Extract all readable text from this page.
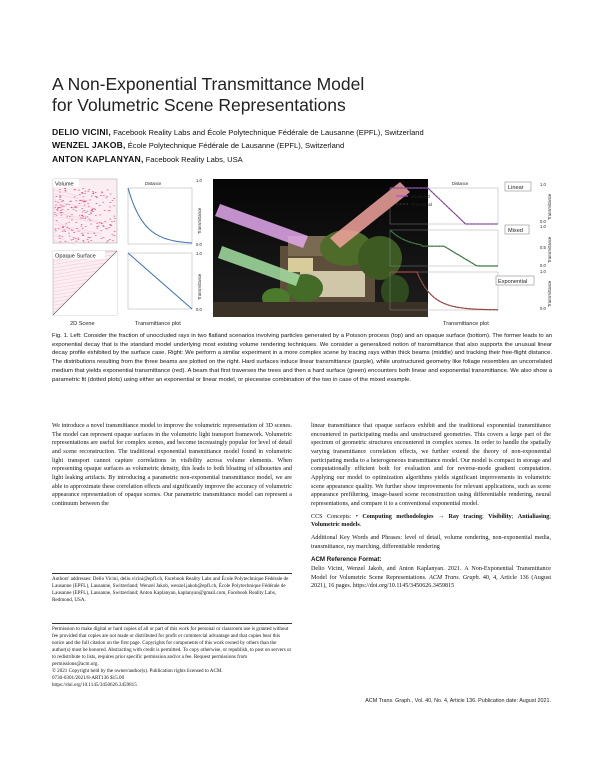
A Non-Exponential Transmittance Model
for Volumetric Scene Representations
DELIO VICINI, Facebook Reality Labs and École Polytechnique Fédérale de Lausanne (EPFL), Switzerland
WENZEL JAKOB, École Polytechnique Fédérale de Lausanne (EPFL), Switzerland
ANTON KAPLANYAN, Facebook Reality Labs, USA
Volume
Opaque Surface
2D Scene
Distance
1.0
0.0
Transmittance
1.0
0.0
Transmittance
Transmittance plot
Distance
Measured
Theoretical
Linear
1.0
0.0
Transmittance
Mixed
1.0
0.5
0.0
Transmittance
Exponential
1.0
0.0
Transmittance
Transmittance plot
Fig. 1. Left: Consider the fraction of unoccluded rays in two flatland scenarios involving particles generated by a Poisson process (top) and an opaque surface (bottom). The former leads to an exponential decay that is the standard model underlying most existing volume rendering techniques. We consider a generalized notion of transmittance that also supports the unusual linear decay profile exhibited by the surface case. Right: We perform a similar experiment in a more complex scene by tracing rays within thick beams (middle) and tracking their free-flight distance. The distributions resulting from the three beams are plotted on the right. Hard surfaces induce linear transmittance (purple), while unstructured geometry like foliage resembles an uncorrelated medium that yields exponential transmittance (red). A beam that first traverses the trees and then a hard surface (green) encounters both linear and exponential transmittance. We also show a parametric fit (dotted plots) using either an exponential or linear model, or piecewise combination of the two in case of the mixed example.

We introduce a novel transmittance model to improve the volumetric representation of 3D scenes. The model can represent opaque surfaces in the volumetric light transport framework. Volumetric representations are useful for complex scenes, and become increasingly popular for level of detail and scene reconstruction. The traditional exponential transmittance model found in volumetric light transport cannot capture correlations in visibility across volume elements. When representing opaque surfaces as volumetric density, this leads to both bloating of silhouettes and light leaking artifacts. By introducing a parametric non-exponential transmittance model, we are able to approximate these correlation effects and significantly improve the accuracy of volumetric appearance representation of opaque scenes. Our parametric transmittance model can represent a continuum between the

Authors' addresses: Delio Vicini, delio.vicini@epfl.ch, Facebook Reality Labs and École Polytechnique Fédérale de Lausanne (EPFL), Lausanne, Switzerland; Wenzel Jakob, wenzel.jakob@epfl.ch, École Polytechnique Fédérale de Lausanne (EPFL), Lausanne, Switzerland; Anton Kaplanyan, kaplanyan@gmail.com, Facebook Reality Labs, Redmond, USA.
Permission to make digital or hard copies of all or part of this work for personal or classroom use is granted without fee provided that copies are not made or distributed for profit or commercial advantage and that copies bear this notice and the full citation on the first page. Copyrights for components of this work owned by others than the author(s) must be honored. Abstracting with credit is permitted. To copy otherwise, or republish, to post on servers or to redistribute to lists, requires prior specific permission and/or a fee. Request permissions from permissions@acm.org.
© 2021 Copyright held by the owner/author(s). Publication rights licensed to ACM.
0730-0301/2021/8-ART136 $15.00
https://doi.org/10.1145/3450626.3459815
linear transmittance that opaque surfaces exhibit and the traditional exponential transmittance encountered in participating media and unstructured geometries. This covers a large part of the spectrum of geometric structures encountered in complex scenes. In order to handle the spatially varying transmittance correlation effects, we further extend the theory of non-exponential participating media to a heterogeneous transmittance model. Our model is compact in storage and computationally efficient both for evaluation and for reverse-mode gradient computation. Applying our model to optimization algorithms yields significant improvements in volumetric scene appearance quality. We further show improvements for relevant applications, such as scene appearance prefiltering, image-based scene reconstruction using differentiable rendering, neural representations, and compare it to a conventional exponential model.
CCS Concepts: • Computing methodologies → Ray tracing; Visibility; Antialiasing; Volumetric models.
Additional Key Words and Phrases: level of detail, volume rendering, non-exponential media, transmittance, ray marching, differentiable rendering
ACM Reference Format:
Delio Vicini, Wenzel Jakob, and Anton Kaplanyan. 2021. A Non-Exponential Transmittance Model for Volumetric Scene Representations. ACM Trans. Graph. 40, 4, Article 136 (August 2021), 16 pages. https://doi.org/10.1145/3450626.3459815
ACM Trans. Graph., Vol. 40, No. 4, Article 136. Publication date: August 2021.
